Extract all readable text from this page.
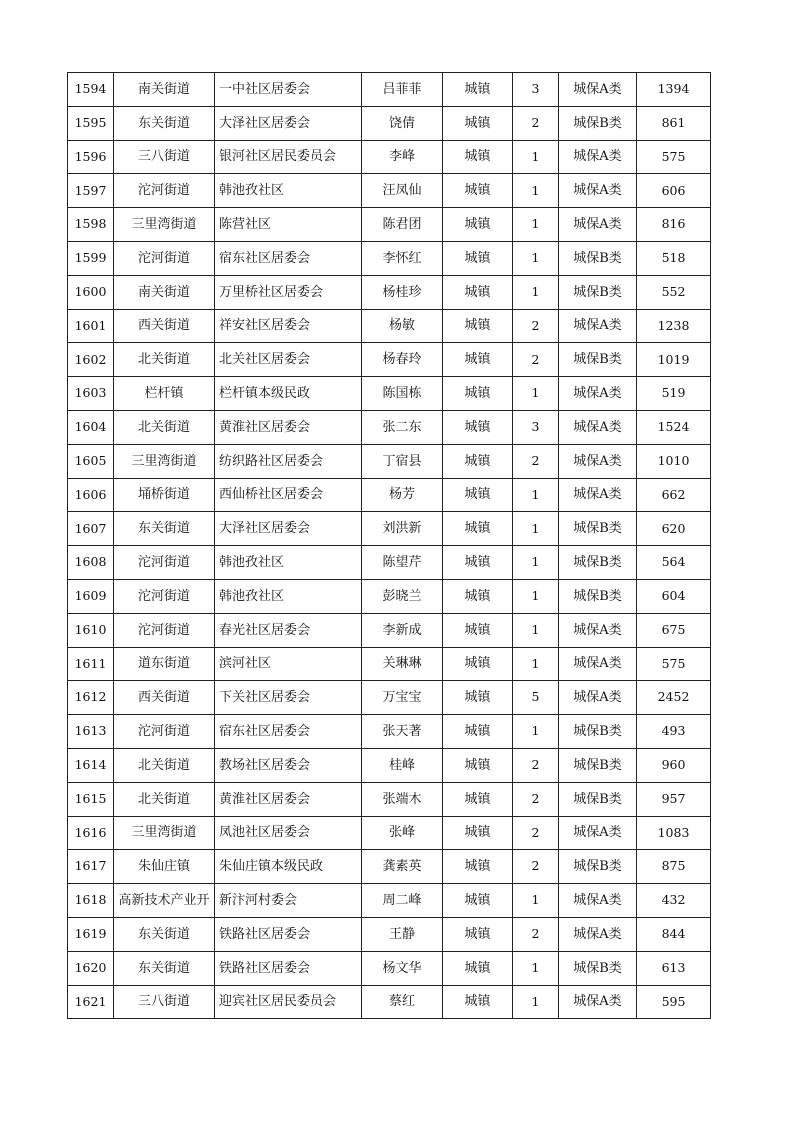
1594	南关街道	一中社区居委会	吕菲菲	城镇	3	城保A类	1394
1595	东关街道	大泽社区居委会	饶倩	城镇	2	城保B类	861
1596	三八街道	银河社区居民委员会	李峰	城镇	1	城保A类	575
1597	沱河街道	韩池孜社区	汪凤仙	城镇	1	城保A类	606
1598	三里湾街道	陈营社区	陈君团	城镇	1	城保A类	816
1599	沱河街道	宿东社区居委会	李怀红	城镇	1	城保B类	518
1600	南关街道	万里桥社区居委会	杨桂珍	城镇	1	城保B类	552
1601	西关街道	祥安社区居委会	杨敏	城镇	2	城保A类	1238
1602	北关街道	北关社区居委会	杨春玲	城镇	2	城保B类	1019
1603	栏杆镇	栏杆镇本级民政	陈国栋	城镇	1	城保A类	519
1604	北关街道	黄淮社区居委会	张二东	城镇	3	城保A类	1524
1605	三里湾街道	纺织路社区居委会	丁宿县	城镇	2	城保A类	1010
1606	埇桥街道	西仙桥社区居委会	杨芳	城镇	1	城保A类	662
1607	东关街道	大泽社区居委会	刘洪新	城镇	1	城保B类	620
1608	沱河街道	韩池孜社区	陈望芹	城镇	1	城保B类	564
1609	沱河街道	韩池孜社区	彭晓兰	城镇	1	城保B类	604
1610	沱河街道	春光社区居委会	李新成	城镇	1	城保A类	675
1611	道东街道	滨河社区	关琳琳	城镇	1	城保A类	575
1612	西关街道	下关社区居委会	万宝宝	城镇	5	城保A类	2452
1613	沱河街道	宿东社区居委会	张天著	城镇	1	城保B类	493
1614	北关街道	教场社区居委会	桂峰	城镇	2	城保B类	960
1615	北关街道	黄淮社区居委会	张端木	城镇	2	城保B类	957
1616	三里湾街道	凤池社区居委会	张峰	城镇	2	城保A类	1083
1617	朱仙庄镇	朱仙庄镇本级民政	龚素英	城镇	2	城保B类	875
1618	高新技术产业开	新汴河村委会	周二峰	城镇	1	城保A类	432
1619	东关街道	铁路社区居委会	王静	城镇	2	城保A类	844
1620	东关街道	铁路社区居委会	杨文华	城镇	1	城保B类	613
1621	三八街道	迎宾社区居民委员会	蔡红	城镇	1	城保A类	595
